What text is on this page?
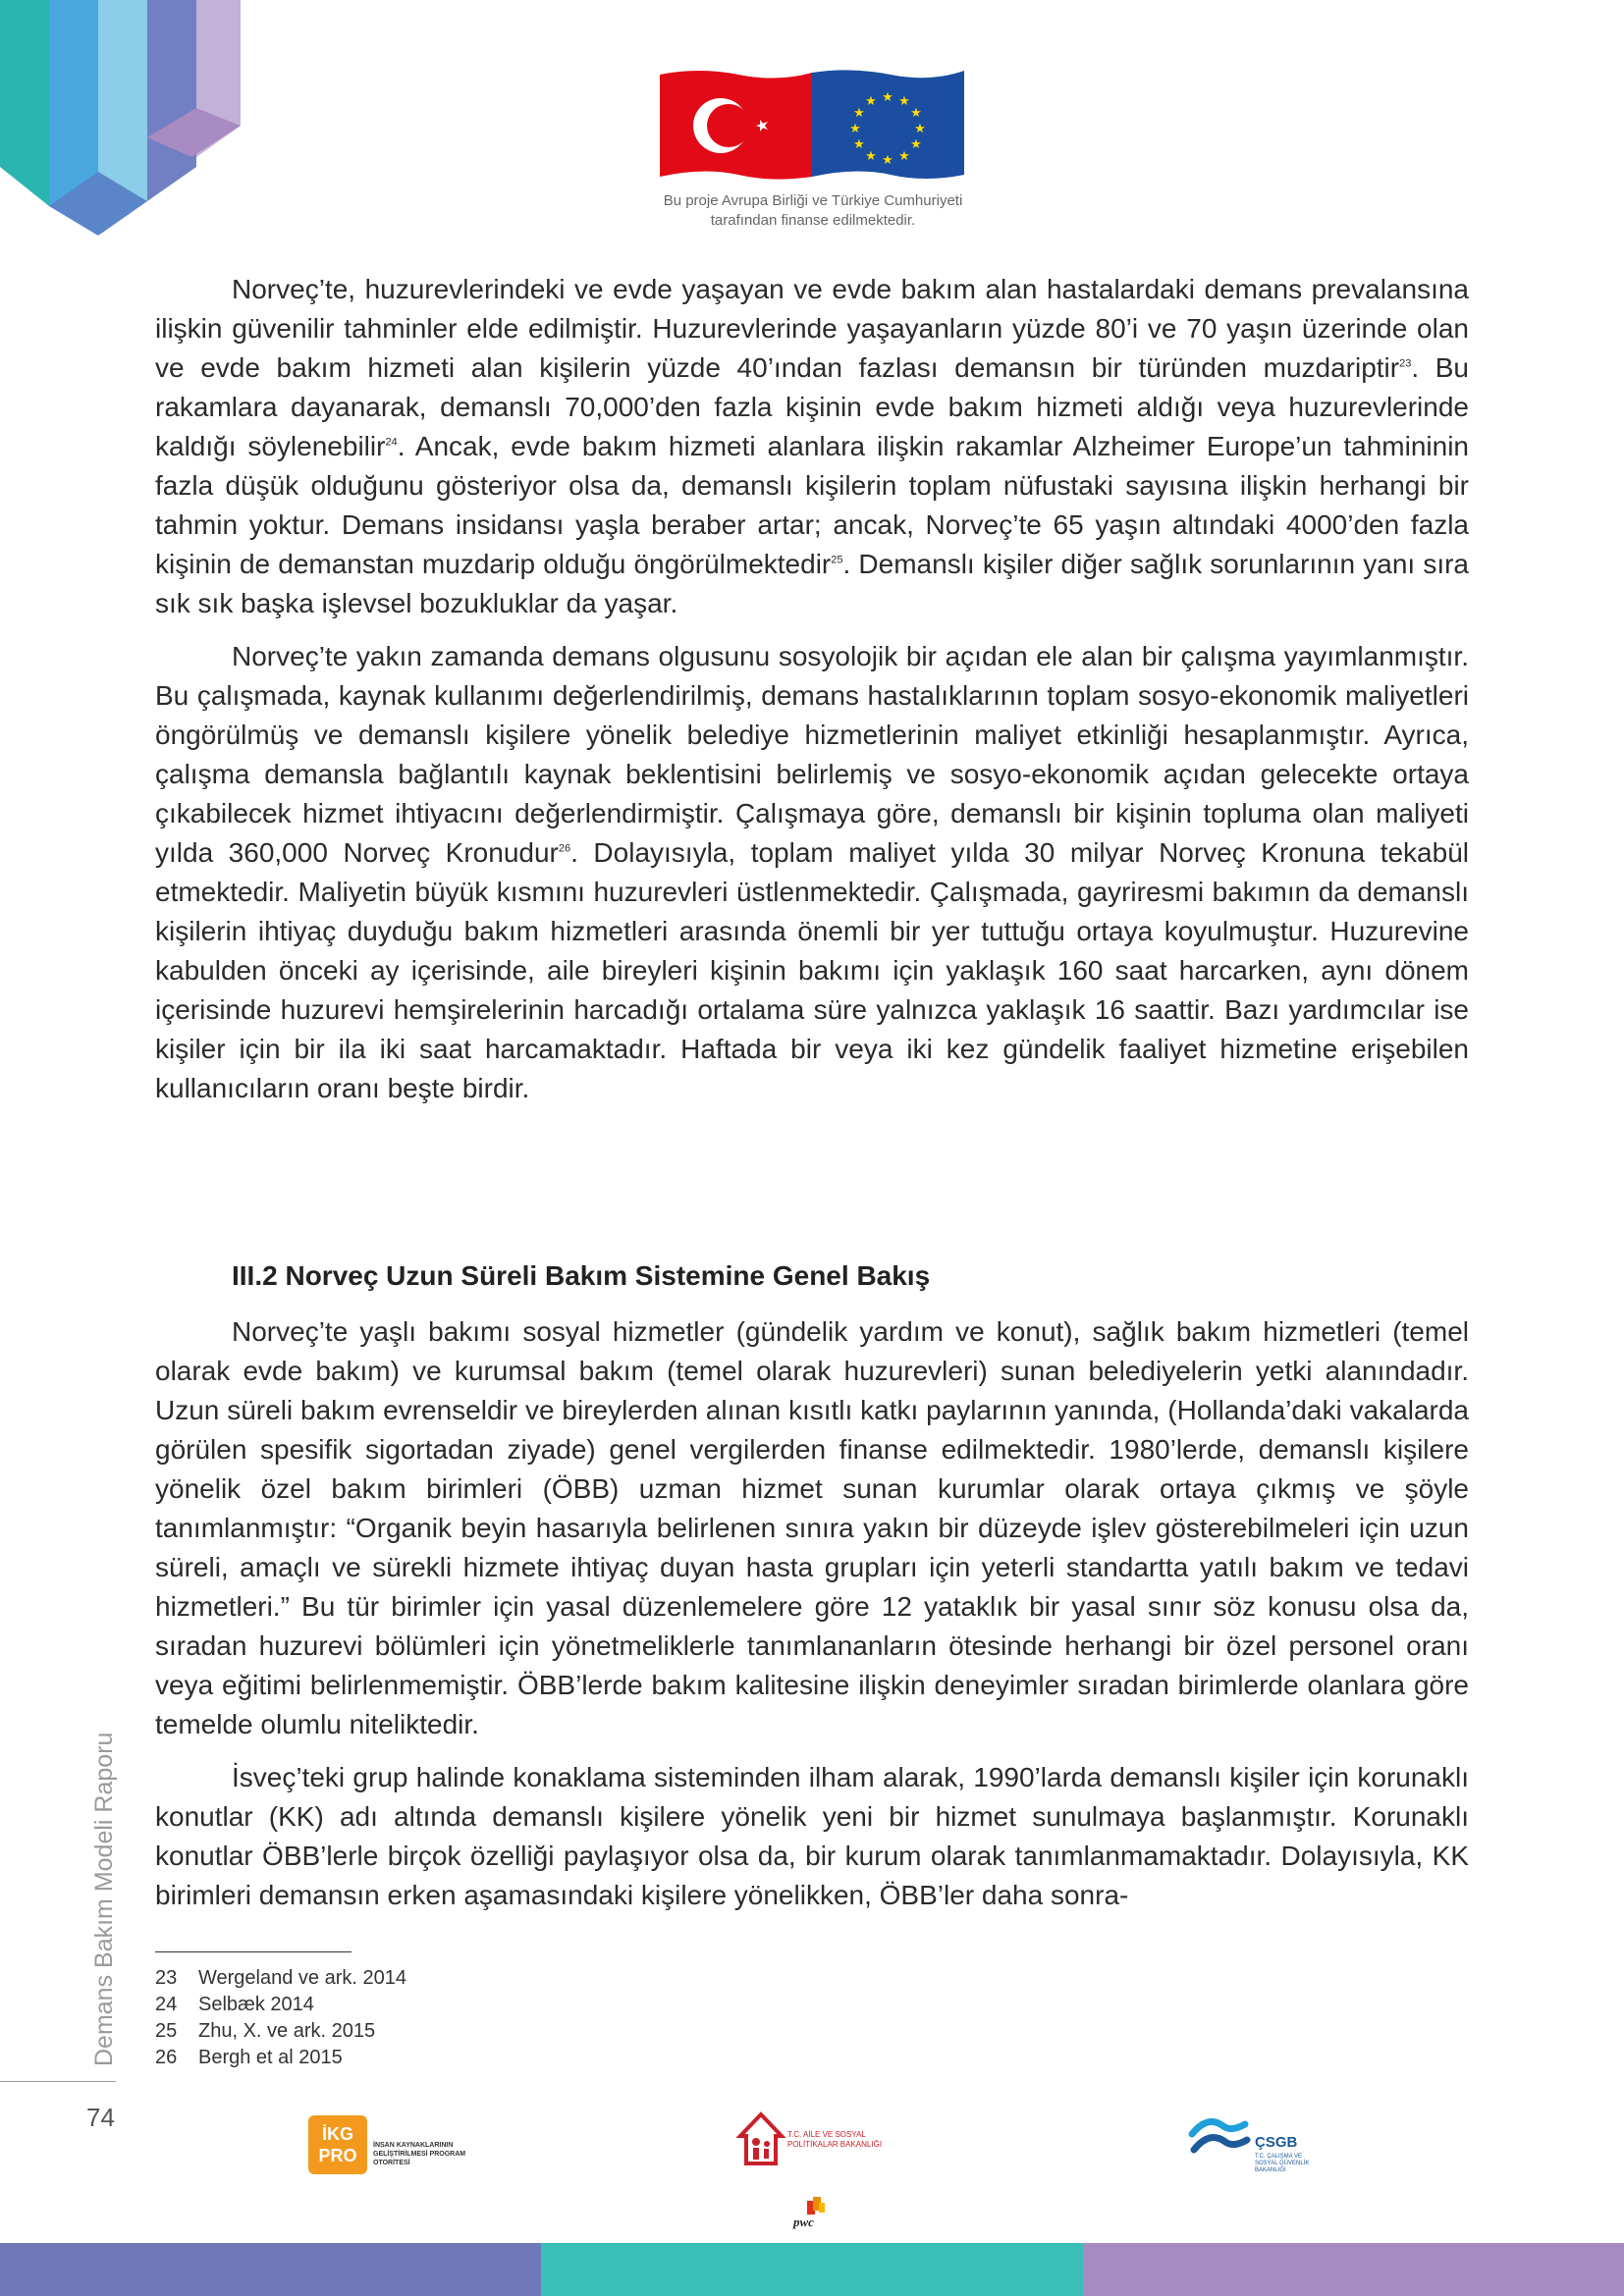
★ ★
★
★
★
★
★
★
★
★
★
★
Bu proje Avrupa Birliği ve Türkiye Cumhuriyeti
tarafından finanse edilmektedir.

Norveç’te, huzurevlerindeki ve evde yaşayan ve evde bakım alan hastalardaki demans prevalansına ilişkin güvenilir tahminler elde edilmiştir. Huzurevlerinde yaşayanların yüzde 80’i ve 70 yaşın üzerinde olan ve evde bakım hizmeti alan kişilerin yüzde 40’ından fazlası demansın bir türünden muzdariptir$^{23}$. Bu rakamlara dayanarak, demanslı 70,000’den fazla kişinin evde bakım hizmeti aldığı veya huzurevlerinde kaldığı söylenebilir$^{24}$. Ancak, evde bakım hizmeti alanlara ilişkin rakamlar Alzheimer Europe’un tahmininin fazla düşük olduğunu gösteriyor olsa da, demanslı kişilerin toplam nüfustaki sayısına ilişkin herhangi bir tahmin yoktur. Demans insidansı yaşla beraber artar; ancak, Norveç’te 65 yaşın altındaki 4000’den fazla kişinin de demanstan muzdarip olduğu öngörülmektedir$^{25}$. Demanslı kişiler diğer sağlık sorunlarının yanı sıra sık sık başka işlevsel bozukluklar da yaşar.

Norveç’te yakın zamanda demans olgusunu sosyolojik bir açıdan ele alan bir çalışma yayımlanmıştır. Bu çalışmada, kaynak kullanımı değerlendirilmiş, demans hastalıklarının toplam sosyo-ekonomik maliyetleri öngörülmüş ve demanslı kişilere yönelik belediye hizmetlerinin maliyet etkinliği hesaplanmıştır. Ayrıca, çalışma demansla bağlantılı kaynak beklentisini belirlemiş ve sosyo-ekonomik açıdan gelecekte ortaya çıkabilecek hizmet ihtiyacını değerlendirmiştir. Çalışmaya göre, demanslı bir kişinin topluma olan maliyeti yılda 360,000 Norveç Kronudur$^{26}$. Dolayısıyla, toplam maliyet yılda 30 milyar Norveç Kronuna tekabül etmektedir. Maliyetin büyük kısmını huzurevleri üstlenmektedir. Çalışmada, gayriresmi bakımın da demanslı kişilerin ihtiyaç duyduğu bakım hizmetleri arasında önemli bir yer tuttuğu ortaya koyulmuştur. Huzurevine kabulden önceki ay içerisinde, aile bireyleri kişinin bakımı için yaklaşık 160 saat harcarken, aynı dönem içerisinde huzurevi hemşirelerinin harcadığı ortalama süre yalnızca yaklaşık 16 saattir. Bazı yardımcılar ise kişiler için bir ila iki saat harcamaktadır. Haftada bir veya iki kez gündelik faaliyet hizmetine erişebilen kullanıcıların oranı beşte birdir.

III.2 Norveç Uzun Süreli Bakım Sistemine Genel Bakış

Norveç’te yaşlı bakımı sosyal hizmetler (gündelik yardım ve konut), sağlık bakım hizmetleri (temel olarak evde bakım) ve kurumsal bakım (temel olarak huzurevleri) sunan belediyelerin yetki alanındadır. Uzun süreli bakım evrenseldir ve bireylerden alınan kısıtlı katkı paylarının yanında, (Hollanda’daki vakalarda görülen spesifik sigortadan ziyade) genel vergilerden finanse edilmektedir. 1980’lerde, demanslı kişilere yönelik özel bakım birimleri (ÖBB) uzman hizmet sunan kurumlar olarak ortaya çıkmış ve şöyle tanımlanmıştır: “Organik beyin hasarıyla belirlenen sınıra yakın bir düzeyde işlev gösterebilmeleri için uzun süreli, amaçlı ve sürekli hizmete ihtiyaç duyan hasta grupları için yeterli standartta yatılı bakım ve tedavi hizmetleri.” Bu tür birimler için yasal düzenlemelere göre 12 yataklık bir yasal sınır söz konusu olsa da, sıradan huzurevi bölümleri için yönetmeliklerle tanımlananların ötesinde herhangi bir özel personel oranı veya eğitimi belirlenmemiştir. ÖBB’lerde bakım kalitesine ilişkin deneyimler sıradan birimlerde olanlara göre temelde olumlu niteliktedir.

İsveç’teki grup halinde konaklama sisteminden ilham alarak, 1990’larda demanslı kişiler için korunaklı konutlar (KK) adı altında demanslı kişilere yönelik yeni bir hizmet sunulmaya başlanmıştır. Korunaklı konutlar ÖBB’lerle birçok özelliği paylaşıyor olsa da, bir kurum olarak tanımlanmamaktadır. Dolayısıyla, KK birimleri demansın erken aşamasındaki kişilere yönelikken, ÖBB’ler daha sonra-

23	Wergeland ve ark. 2014
24	Selbæk 2014
25	Zhu, X. ve ark. 2015
26	Bergh et al 2015
Demans Bakım Modeli Raporu
74
İKG PRO
İNSAN KAYNAKLARININ GELİŞTİRİLMESİ PROGRAM OTORİTESİ
T.C. AİLE VE SOSYAL POLİTİKALAR BAKANLIĞI	ÇSGB
T.C. ÇALIŞMA VE SOSYAL GÜVENLİK BAKANLIĞI
pwc
